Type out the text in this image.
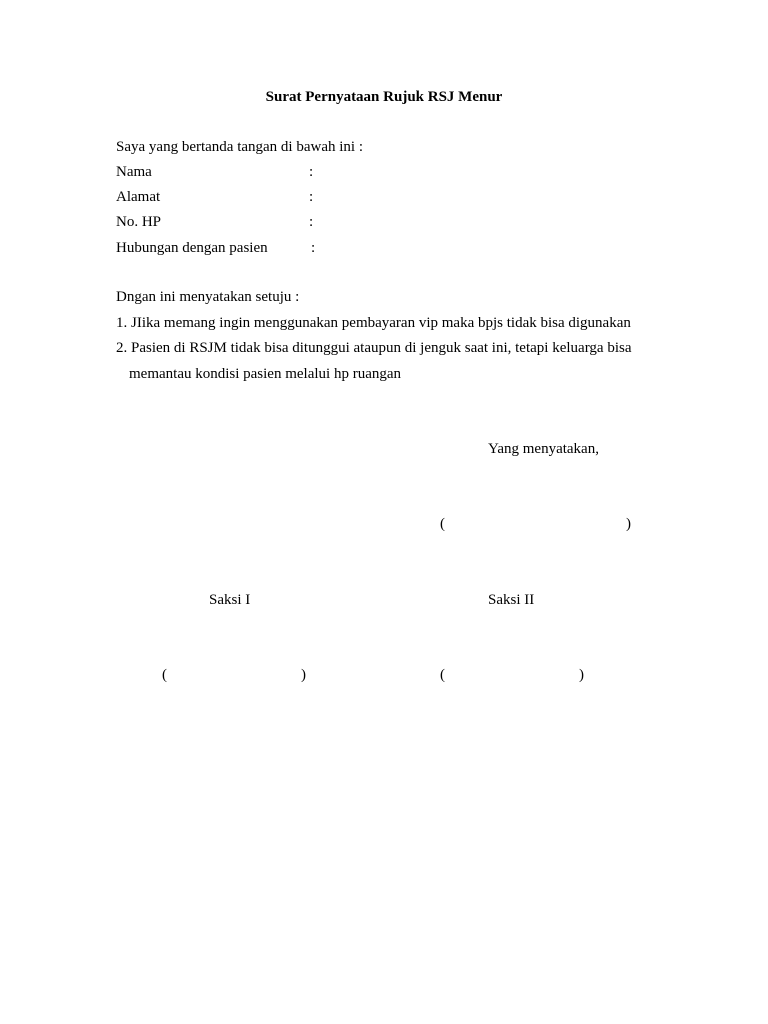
Surat Pernyataan Rujuk RSJ Menur
Saya yang bertanda tangan di bawah ini :
Nama	:
Alamat	:
No. HP	:
Hubungan dengan pasien	:
Dngan ini menyatakan setuju :
1. JIika memang ingin menggunakan pembayaran vip maka bpjs tidak bisa digunakan
2. Pasien di RSJM tidak bisa ditunggui ataupun di jenguk saat ini, tetapi keluarga bisa
memantau kondisi pasien melalui hp ruangan
Yang menyatakan,
(	)
Saksi I	Saksi II
(	)	(	)
